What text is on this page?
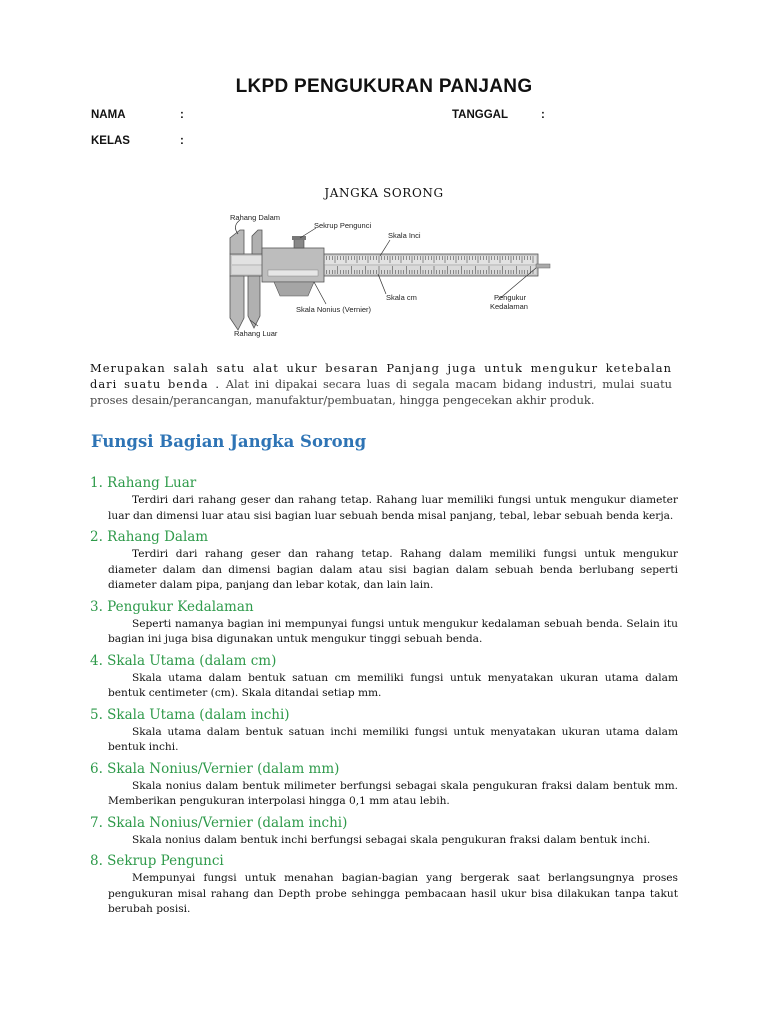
LKPD PENGUKURAN PANJANG
NAMA	:	TANGGAL	:
KELAS	:
JANGKA SORONG
Rahang Dalam
Sekrup Pengunci
Skala Inci
Skala cm	Pengukur
Kedalaman
Skala Nonius (Vernier)
Rahang Luar

Merupakan salah satu alat ukur besaran Panjang juga untuk mengukur ketebalan dari suatu benda . Alat ini dipakai secara luas di segala macam bidang industri, mulai suatu proses desain/perancangan, manufaktur/pembuatan, hingga pengecekan akhir produk.

Fungsi Bagian Jangka Sorong
1. Rahang Luar

Terdiri dari rahang geser dan rahang tetap. Rahang luar memiliki fungsi untuk mengukur diameter luar dan dimensi luar atau sisi bagian luar sebuah benda misal panjang, tebal, lebar sebuah benda kerja.

2. Rahang Dalam

Terdiri dari rahang geser dan rahang tetap. Rahang dalam memiliki fungsi untuk mengukur diameter dalam dan dimensi bagian dalam atau sisi bagian dalam sebuah benda berlubang seperti diameter dalam pipa, panjang dan lebar kotak, dan lain lain.

3. Pengukur Kedalaman

Seperti namanya bagian ini mempunyai fungsi untuk mengukur kedalaman sebuah benda. Selain itu bagian ini juga bisa digunakan untuk mengukur tinggi sebuah benda.

4. Skala Utama (dalam cm)

Skala utama dalam bentuk satuan cm memiliki fungsi untuk menyatakan ukuran utama dalam bentuk centimeter (cm). Skala ditandai setiap mm.

5. Skala Utama (dalam inchi)

Skala utama dalam bentuk satuan inchi memiliki fungsi untuk menyatakan ukuran utama dalam bentuk inchi.

6. Skala Nonius/Vernier (dalam mm)

Skala nonius dalam bentuk milimeter berfungsi sebagai skala pengukuran fraksi dalam bentuk mm. Memberikan pengukuran interpolasi hingga 0,1 mm atau lebih.

7. Skala Nonius/Vernier (dalam inchi)

Skala nonius dalam bentuk inchi berfungsi sebagai skala pengukuran fraksi dalam bentuk inchi.

8. Sekrup Pengunci

Mempunyai fungsi untuk menahan bagian-bagian yang bergerak saat berlangsungnya proses pengukuran misal rahang dan Depth probe sehingga pembacaan hasil ukur bisa dilakukan tanpa takut berubah posisi.
